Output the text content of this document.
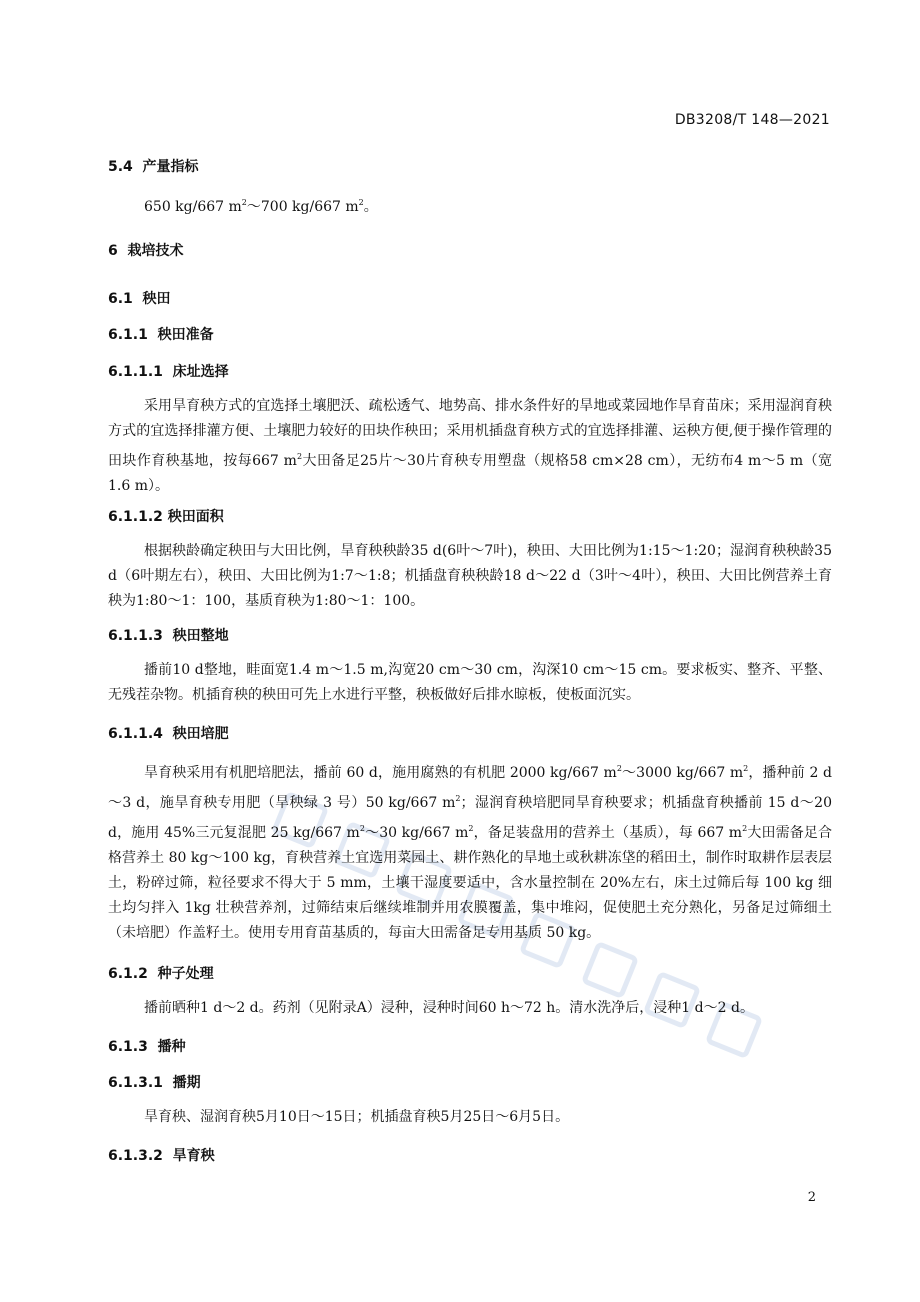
DB3208/T 148—2021
2
5.4  产量指标
650 kg/667 $m^2\sim 700$ kg/667 $m^2$。
6  栽培技术
6.1  秧田
6.1.1  秧田准备
6.1.1.1  床址选择
采用旱育秧方式的宜选择土壤肥沃、疏松透气、地势高、排水条件好的旱地或菜园地作旱育苗床；采用湿润育秧方式的宜选择排灌方便、土壤肥力较好的田块作秧田；采用机插盘育秧方式的宜选择排灌、运秧方便,便于操作管理的田块作育秧基地，按每667 $m^2$大田备足25片～30片育秧专用塑盘（规格58 cm×28 cm），无纺布4 m～5 m（宽1.6 m）。
6.1.1.2 秧田面积
根据秧龄确定秧田与大田比例，旱育秧秧龄35 d(6叶～7叶)，秧田、大田比例为1:15～1:20；湿润育秧秧龄35 d（6叶期左右），秧田、大田比例为1:7～1:8；机插盘育秧秧龄18 d～22 d（3叶～4叶），秧田、大田比例营养土育秧为1:80～1：100，基质育秧为1:80～1：100。
6.1.1.3  秧田整地
播前10 d整地，畦面宽1.4 m～1.5 m,沟宽20 cm～30 cm，沟深10 cm～15 cm。要求板实、整齐、平整、无残茬杂物。机插育秧的秧田可先上水进行平整，秧板做好后排水晾板，使板面沉实。
6.1.1.4  秧田培肥
旱育秧采用有机肥培肥法，播前 60 d，施用腐熟的有机肥 2000 kg/667 $m^2\sim 3000$ kg/667 $m^2$，播种前 2 d～3 d，施旱育秧专用肥（旱秧绿 3 号）50 kg/667 $m^2$；湿润育秧培肥同旱育秧要求；机插盘育秧播前 15 d～20 d，施用 45%三元复混肥 25 kg/667 $m^2\sim 30$ kg/667 $m^2$，备足装盘用的营养土（基质），每 667 $m^2$大田需备足合格营养土 80 kg～100 kg，育秧营养土宜选用菜园土、耕作熟化的旱地土或秋耕冻垡的稻田土，制作时取耕作层表层土，粉碎过筛，粒径要求不得大于 5 mm，土壤干湿度要适中，含水量控制在 20%左右，床土过筛后每 100 kg 细土均匀拌入 1kg 壮秧营养剂，过筛结束后继续堆制并用农膜覆盖，集中堆闷，促使肥土充分熟化，另备足过筛细土（未培肥）作盖籽土。使用专用育苗基质的，每亩大田需备足专用基质 50 kg。
6.1.2  种子处理
播前晒种1 d～2 d。药剂（见附录A）浸种，浸种时间60 h～72 h。清水洗净后，浸种1 d～2 d。
6.1.3  播种
6.1.3.1  播期
旱育秧、湿润育秧5月10日～15日；机插盘育秧5月25日～6月5日。
6.1.3.2  旱育秧
